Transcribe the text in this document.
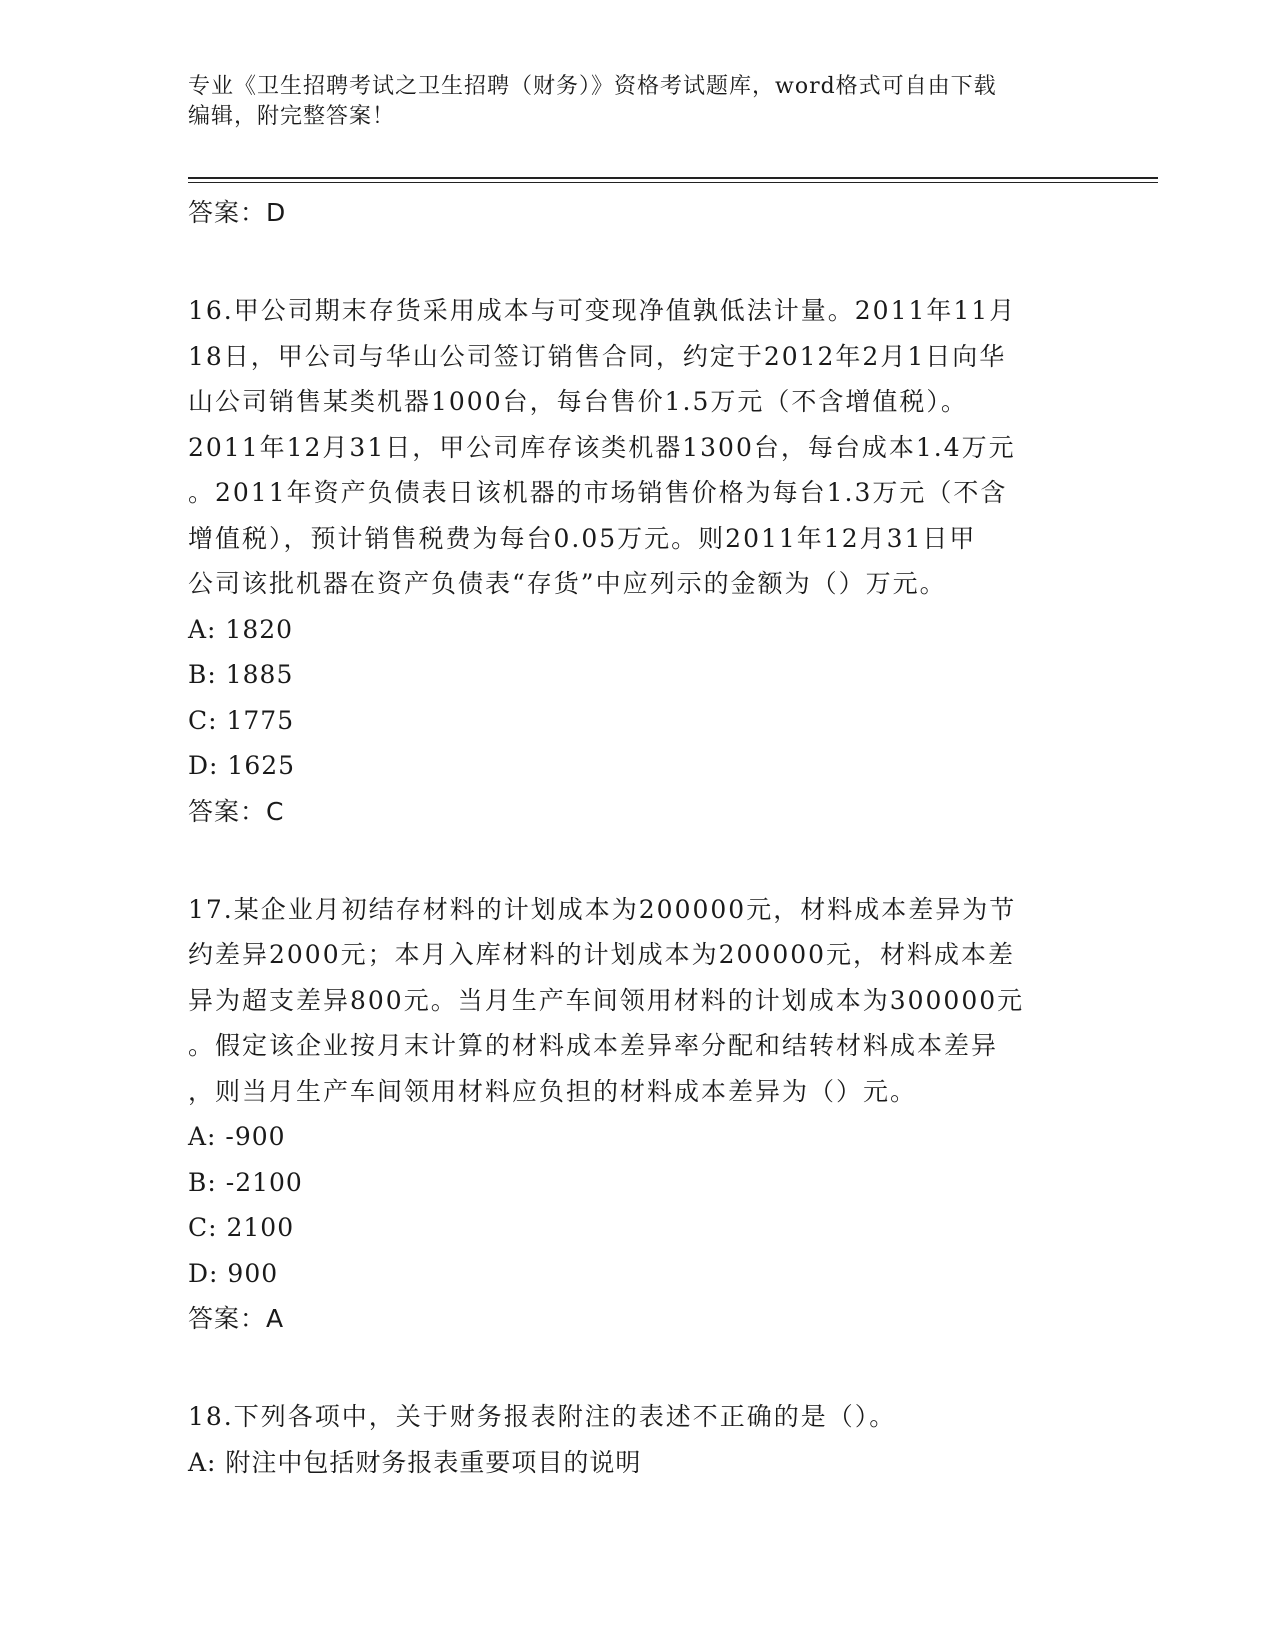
专业《卫生招聘考试之卫生招聘（财务）》资格考试题库，word格式可自由下载
编辑，附完整答案！
答案：D
16.甲公司期末存货采用成本与可变现净值孰低法计量。2011年11月
18日，甲公司与华山公司签订销售合同，约定于2012年2月1日向华
山公司销售某类机器1000台，每台售价1.5万元（不含增值税）。
2011年12月31日，甲公司库存该类机器1300台，每台成本1.4万元
。2011年资产负债表日该机器的市场销售价格为每台1.3万元（不含
增值税），预计销售税费为每台0.05万元。则2011年12月31日甲
公司该批机器在资产负债表“存货”中应列示的金额为（）万元。
A: 1820
B: 1885
C: 1775
D: 1625
答案：C
17.某企业月初结存材料的计划成本为200000元，材料成本差异为节
约差异2000元；本月入库材料的计划成本为200000元，材料成本差
异为超支差异800元。当月生产车间领用材料的计划成本为300000元
。假定该企业按月末计算的材料成本差异率分配和结转材料成本差异
，则当月生产车间领用材料应负担的材料成本差异为（）元。
A: -900
B: -2100
C: 2100
D: 900
答案：A
18.下列各项中，关于财务报表附注的表述不正确的是（）。
A: 附注中包括财务报表重要项目的说明
